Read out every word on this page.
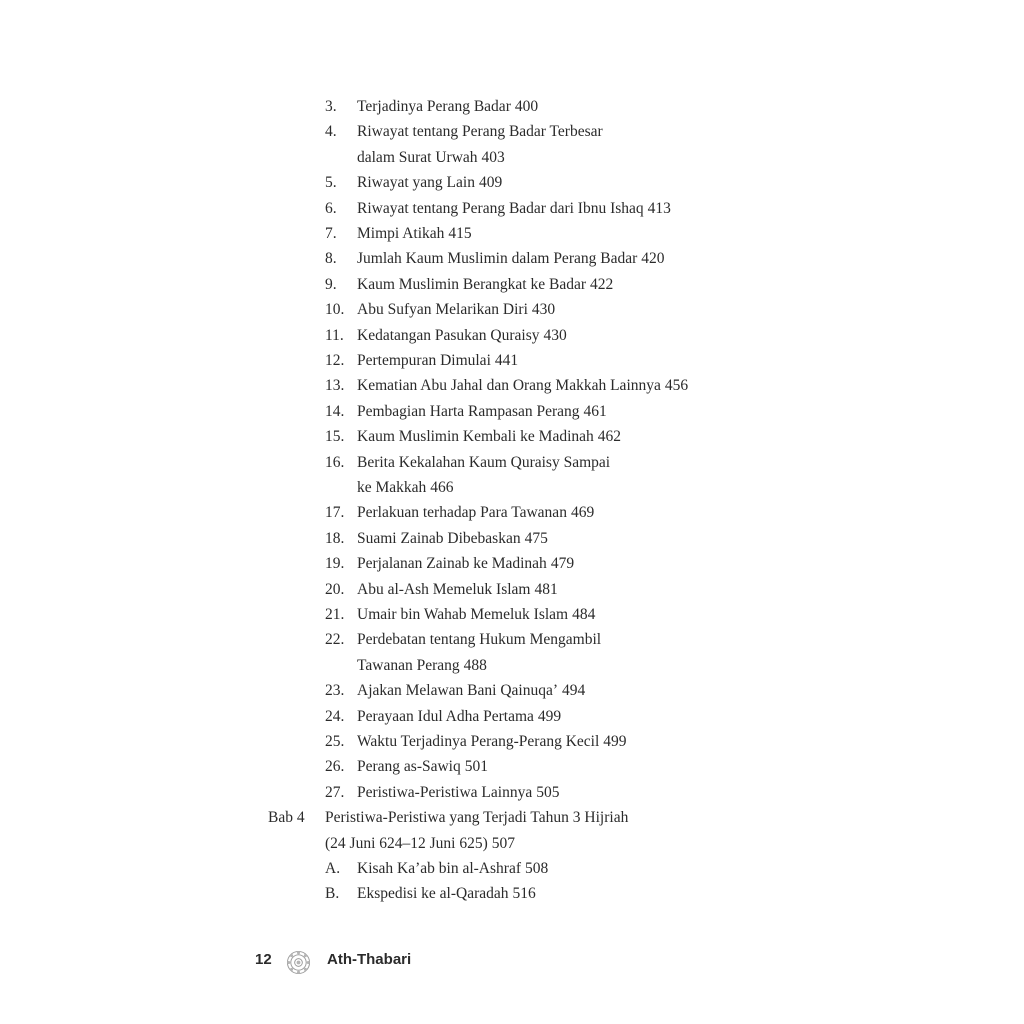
3. Terjadinya Perang Badar 400
4. Riwayat tentang Perang Badar Terbesar
dalam Surat Urwah 403
5. Riwayat yang Lain 409
6. Riwayat tentang Perang Badar dari Ibnu Ishaq 413
7. Mimpi Atikah 415
8. Jumlah Kaum Muslimin dalam Perang Badar 420
9. Kaum Muslimin Berangkat ke Badar 422
10. Abu Sufyan Melarikan Diri 430
11. Kedatangan Pasukan Quraisy 430
12. Pertempuran Dimulai 441
13. Kematian Abu Jahal dan Orang Makkah Lainnya 456
14. Pembagian Harta Rampasan Perang 461
15. Kaum Muslimin Kembali ke Madinah 462
16. Berita Kekalahan Kaum Quraisy Sampai
ke Makkah 466
17. Perlakuan terhadap Para Tawanan 469
18. Suami Zainab Dibebaskan 475
19. Perjalanan Zainab ke Madinah 479
20. Abu al-Ash Memeluk Islam 481
21. Umair bin Wahab Memeluk Islam 484
22. Perdebatan tentang Hukum Mengambil
Tawanan Perang 488
23. Ajakan Melawan Bani Qainuqa’ 494
24. Perayaan Idul Adha Pertama 499
25. Waktu Terjadinya Perang-Perang Kecil 499
26. Perang as-Sawiq 501
27. Peristiwa-Peristiwa Lainnya 505
Bab 4 Peristiwa-Peristiwa yang Terjadi Tahun 3 Hijriah
(24 Juni 624–12 Juni 625) 507
A. Kisah Ka’ab bin al-Ashraf 508
B. Ekspedisi ke al-Qaradah 516
12	Ath-Thabari
